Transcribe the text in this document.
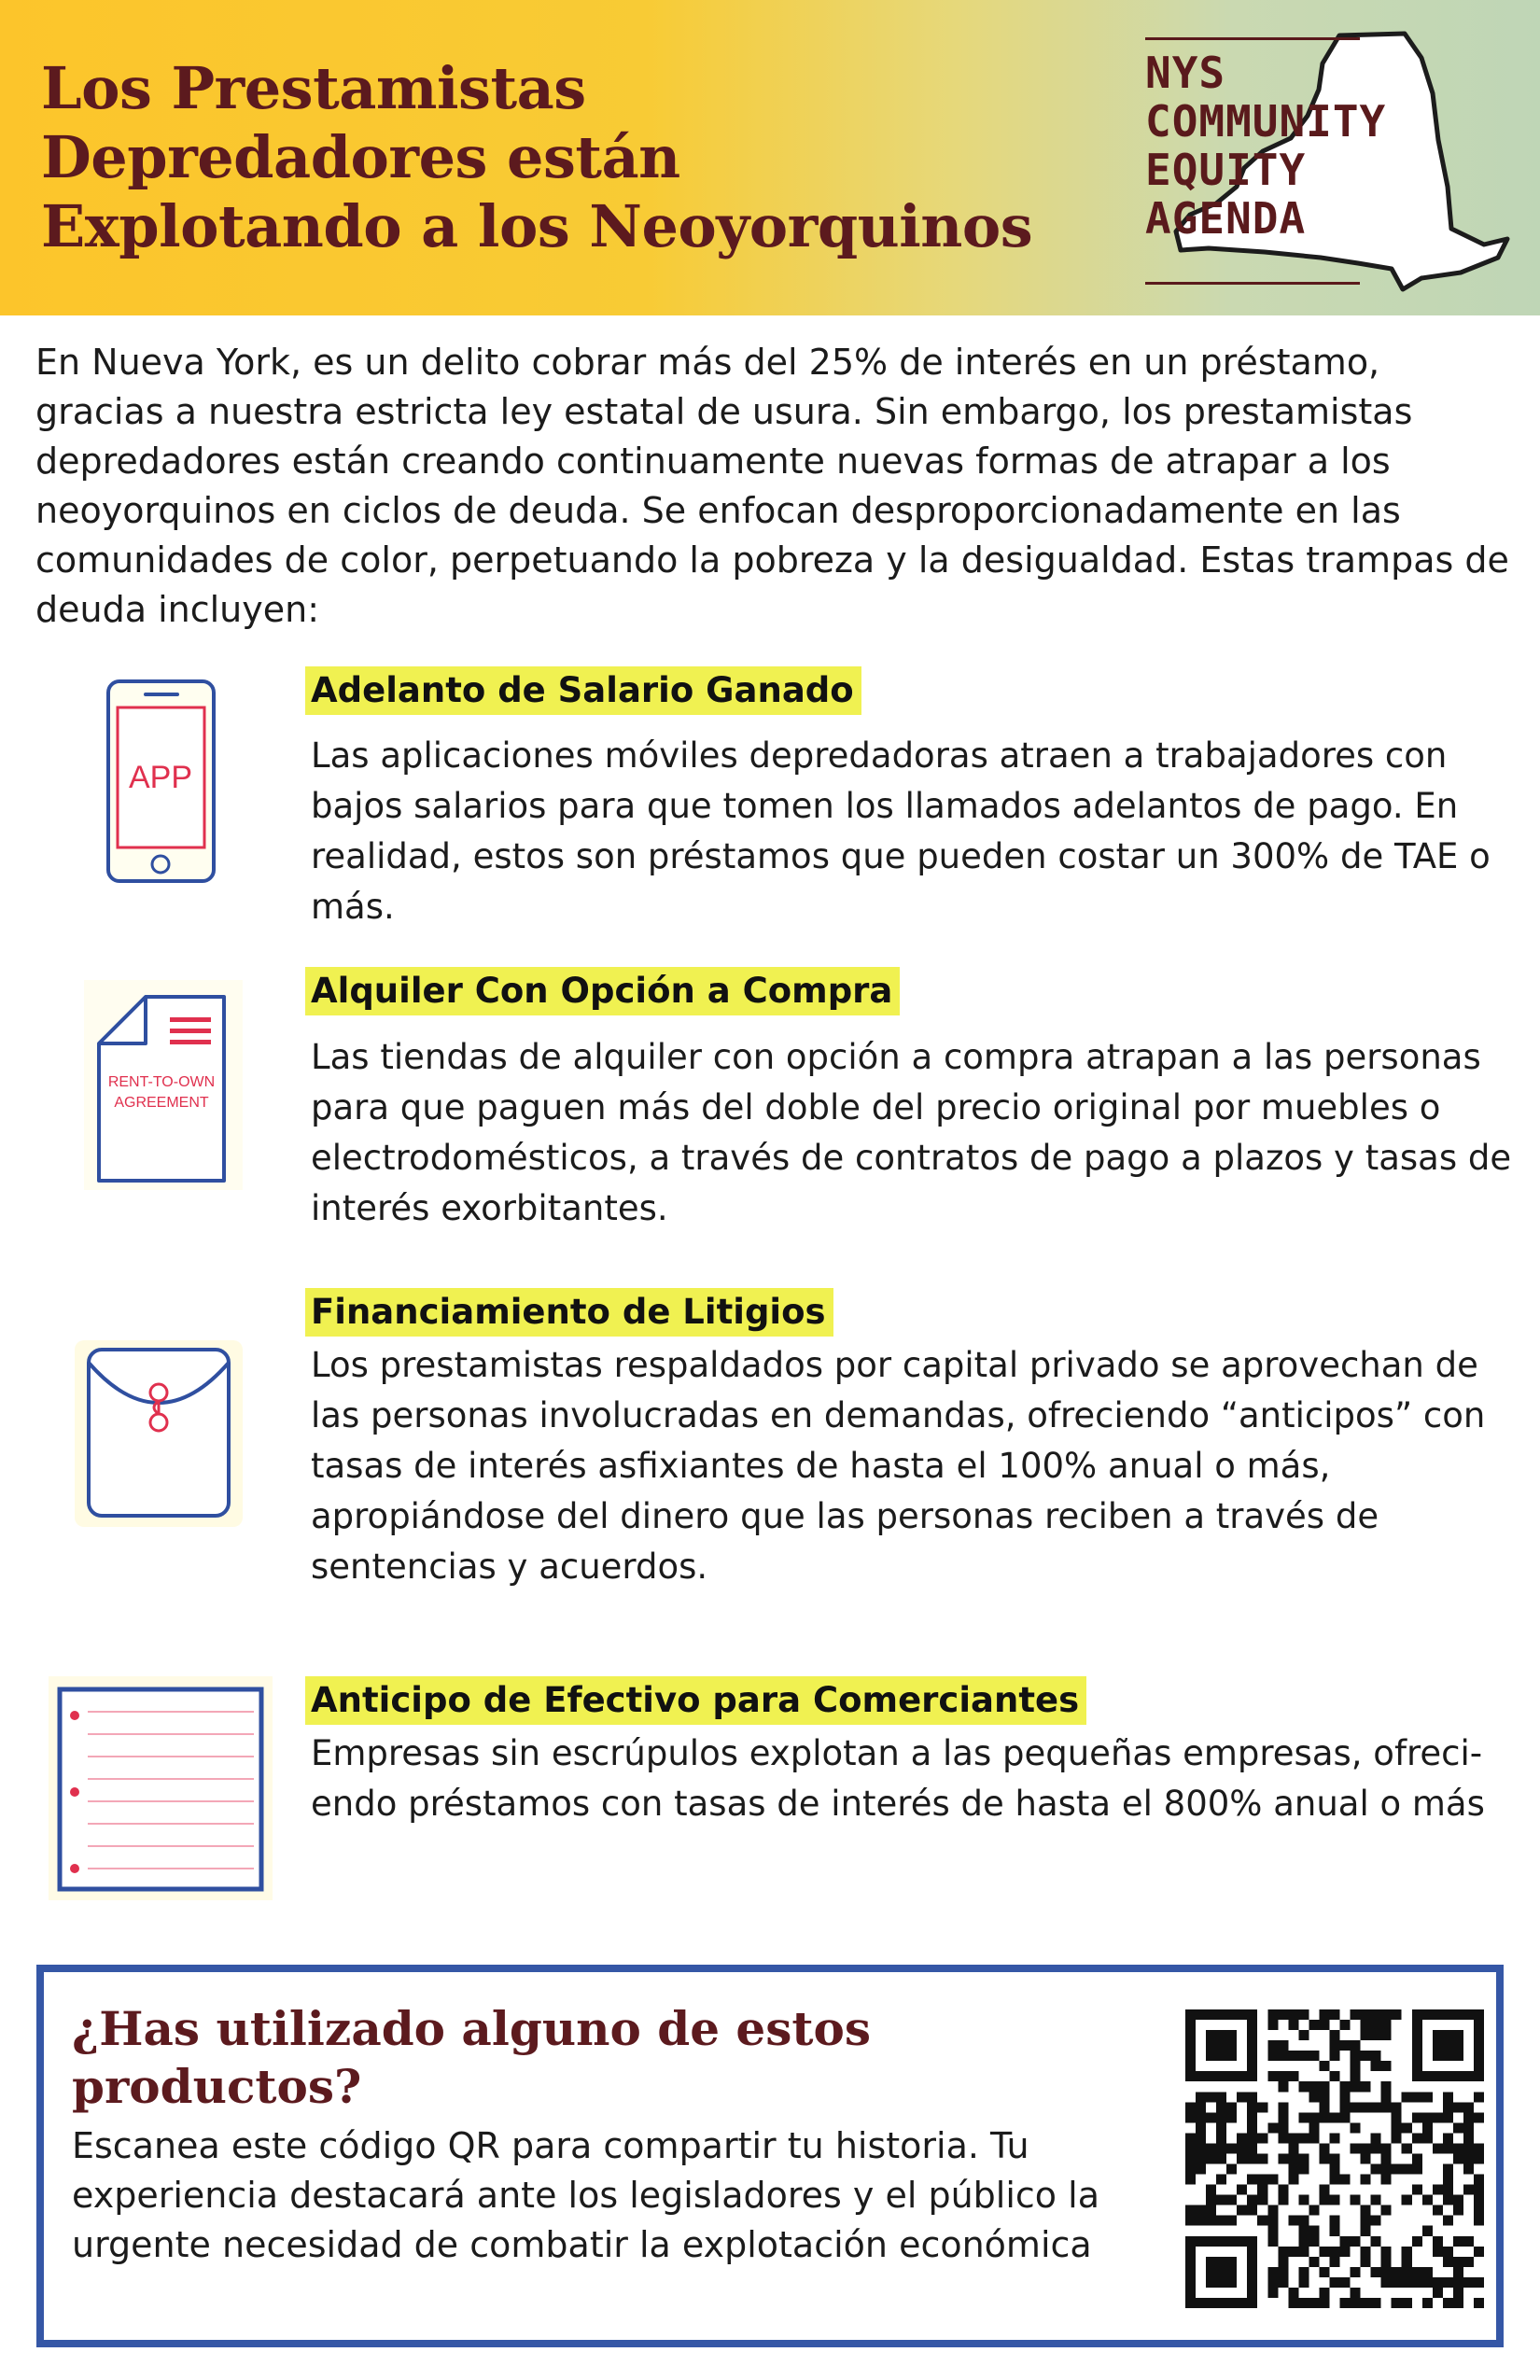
Los Prestamistas
Depredadores están
Explotando a los Neoyorquinos
NYS
COMMUNITY
EQUITY
AGENDA

En Nueva York, es un delito cobrar más del 25% de interés en un préstamo, gracias a nuestra estricta ley estatal de usura. Sin embargo, los prestamistas depredadores están creando continuamente nuevas formas de atrapar a los neoyorquinos en ciclos de deuda. Se enfocan desproporcionadamente en las comunidades de color, perpetuando la pobreza y la desigualdad. Estas trampas de deuda incluyen:

APP
Adelanto de Salario Ganado

Las aplicaciones móviles depredadoras atraen a trabajadores con bajos salarios para que tomen los llamados adelantos de pago. En realidad, estos son préstamos que pueden costar un 300% de TAE o más.

RENT-TO-OWN
AGREEMENT
Alquiler Con Opción a Compra

Las tiendas de alquiler con opción a compra atrapan a las personas para que paguen más del doble del precio original por muebles o electrodomésticos, a través de contratos de pago a plazos y tasas de interés exorbitantes.

Financiamiento de Litigios

Los prestamistas respaldados por capital privado se aprovechan de las personas involucradas en demandas, ofreciendo “anticipos” con tasas de interés asfixiantes de hasta el 100% anual o más, apropiándose del dinero que las personas reciben a través de sentencias y acuerdos.

Anticipo de Efectivo para Comerciantes

Empresas sin escrúpulos explotan a las pequeñas empresas, ofreci-endo préstamos con tasas de interés de hasta el 800% anual o más

¿Has utilizado alguno de estos productos?

Escanea este código QR para compartir tu historia. Tu experiencia destacará ante los legisladores y el público la urgente necesidad de combatir la explotación económica
